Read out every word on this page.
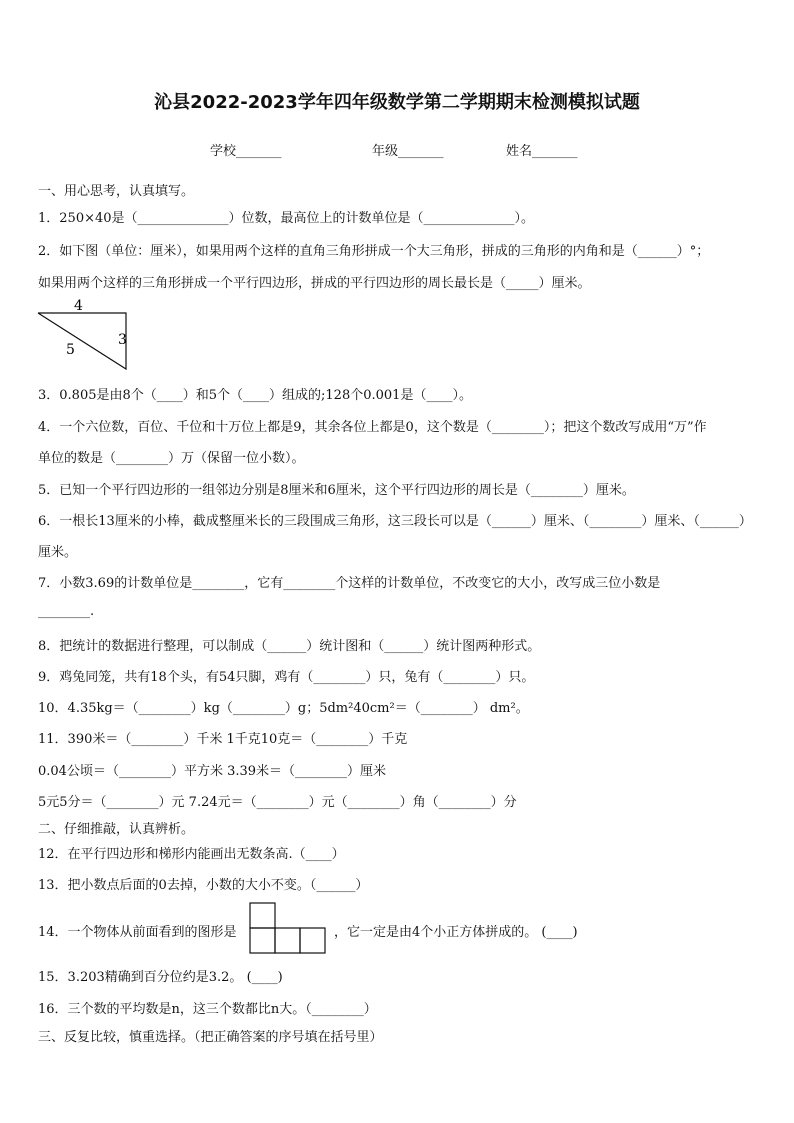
沁县2022-2023学年四年级数学第二学期期末检测模拟试题
学校_______	年级_______	姓名_______
一、用心思考，认真填写。
1．250×40是（______________）位数，最高位上的计数单位是（______________）。
2．如下图（单位：厘米），如果用两个这样的直角三角形拼成一个大三角形，拼成的三角形的内角和是（______）°；
如果用两个这样的三角形拼成一个平行四边形，拼成的平行四边形的周长最长是（_____）厘米。
4
5
3
3．0.805是由8个（____）和5个（____）组成的;128个0.001是（____）。
4．一个六位数，百位、千位和十万位上都是9，其余各位上都是0，这个数是（________）；把这个数改写成用“万”作
单位的数是（________）万（保留一位小数）。
5．已知一个平行四边形的一组邻边分别是8厘米和6厘米，这个平行四边形的周长是（________）厘米。
6．一根长13厘米的小棒，截成整厘米长的三段围成三角形，这三段长可以是（______）厘米、（________）厘米、（______）
厘米。
7．小数3.69的计数单位是________，它有________个这样的计数单位，不改变它的大小，改写成三位小数是
________.
8．把统计的数据进行整理，可以制成（______）统计图和（______）统计图两种形式。
9．鸡兔同笼，共有18个头，有54只脚，鸡有（________）只，兔有（________）只。
10．4.35kg＝（________）kg（________）g；5dm²40cm²＝（________） dm²。
11．390米＝（________）千米 1千克10克＝（________）千克
0.04公顷＝（________）平方米 3.39米＝（________）厘米
5元5分＝（________）元 7.24元＝（________）元（________）角（________）分
二、仔细推敲，认真辨析。
12．在平行四边形和梯形内能画出无数条高.（____）
13．把小数点后面的0去掉，小数的大小不变。（______）
14．一个物体从前面看到的图形是	，它一定是由4个小正方体拼成的。 (____)
15．3.203精确到百分位约是3.2。 (____)
16．三个数的平均数是n，这三个数都比n大。（________）
三、反复比较，慎重选择。（把正确答案的序号填在括号里）
